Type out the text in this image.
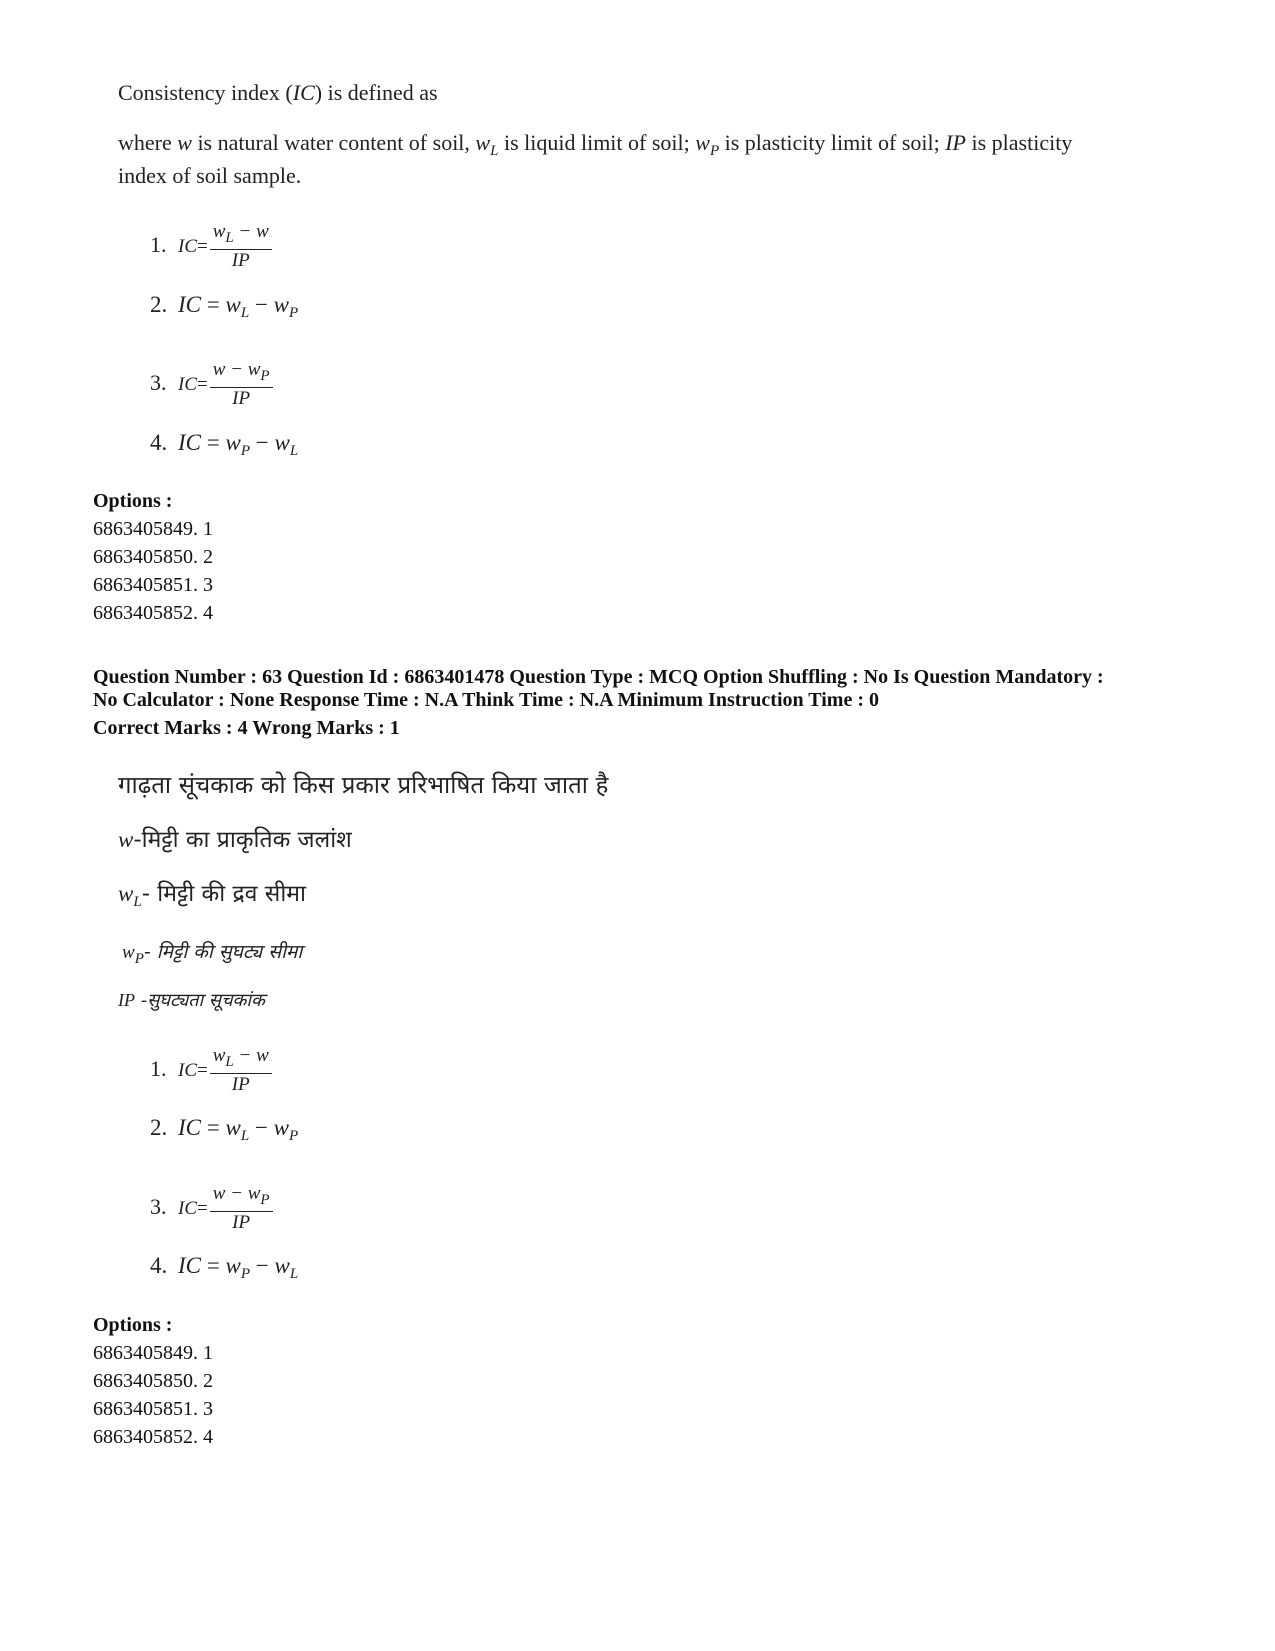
Consistency index (IC) is defined as
where w is natural water content of soil, $w_L$ is liquid limit of soil; $w_P$ is plasticity limit of soil; IP is plasticity
index of soil sample.
1. $IC= \frac{w_L - w}{IP}$
2. IC = $w_L - w_P$
3. $IC= \frac{w - w_P}{IP}$
4. IC = $w_P - w_L$
Options :
6863405849. 1
6863405850. 2
6863405851. 3
6863405852. 4
Question Number : 63 Question Id : 6863401478 Question Type : MCQ Option Shuffling : No Is Question Mandatory :
No Calculator : None Response Time : N.A Think Time : N.A Minimum Instruction Time : 0
Correct Marks : 4 Wrong Marks : 1
गाढ़ता सूंचकाक को किस प्रकार प्ररिभाषित किया जाता है
w-मिट्टी का प्राकृतिक जलांश
$w_L-$ मिट्टी की द्रव सीमा
$w_P-$ मिट्टी की सुघट्य सीमा
IP -सुघट्यता सूचकांक
1. $IC= \frac{w_L - w}{IP}$
2. IC = $w_L - w_P$
3. $IC= \frac{w - w_P}{IP}$
4. IC = $w_P - w_L$
Options :
6863405849. 1
6863405850. 2
6863405851. 3
6863405852. 4
